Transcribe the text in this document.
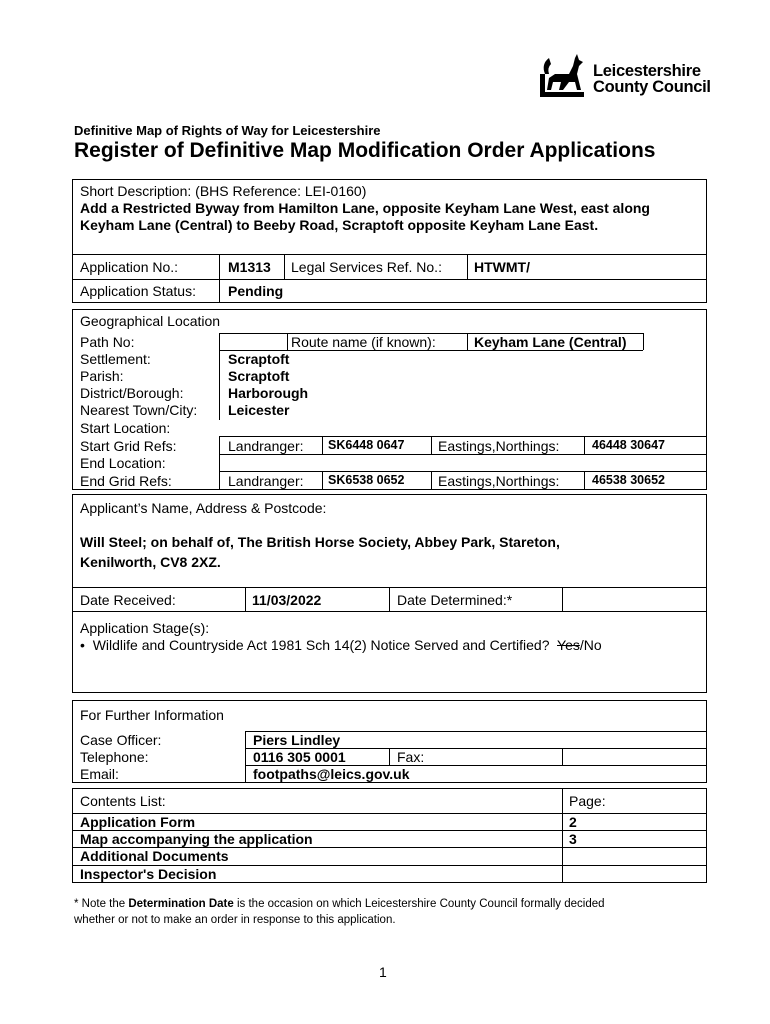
Leicestershire
County Council
Definitive Map of Rights of Way for Leicestershire
Register of Definitive Map Modification Order Applications
Short Description: (BHS Reference: LEI-0160)
Add a Restricted Byway from Hamilton Lane, opposite Keyham Lane West, east along Keyham Lane (Central) to Beeby Road, Scraptoft opposite Keyham Lane East.
Application No.:	M1313 Legal Services Ref. No.: HTWMT/
Application Status: Pending
Geographical Location
Path No:	Route name (if known):	Keyham Lane (Central)
Settlement:	Scraptoft
Parish:	Scraptoft
District/Borough:	Harborough
Nearest Town/City: Leicester
Start Location:
Start Grid Refs:	Landranger: SK6448 0647 Eastings,Northings:	46448 30647
End Location:
End Grid Refs:	Landranger: SK6538 0652 Eastings,Northings:	46538 30652
Applicant’s Name, Address & Postcode:
Will Steel; on behalf of, The British Horse Society, Abbey Park, Stareton,
Kenilworth, CV8 2XZ.
Date Received:	11/03/2022	Date Determined:*
Application Stage(s):
• Wildlife and Countryside Act 1981 Sch 14(2) Notice Served and Certified? Yes/No
For Further Information
Case Officer:	Piers Lindley
Telephone:	0116 305 0001	Fax:
Email:	footpaths@leics.gov.uk
Contents List:	Page:
Application Form	2
Map accompanying the application	3
Additional Documents
Inspector's Decision
* Note the Determination Date is the occasion on which Leicestershire County Council formally decided
whether or not to make an order in response to this application.
1
